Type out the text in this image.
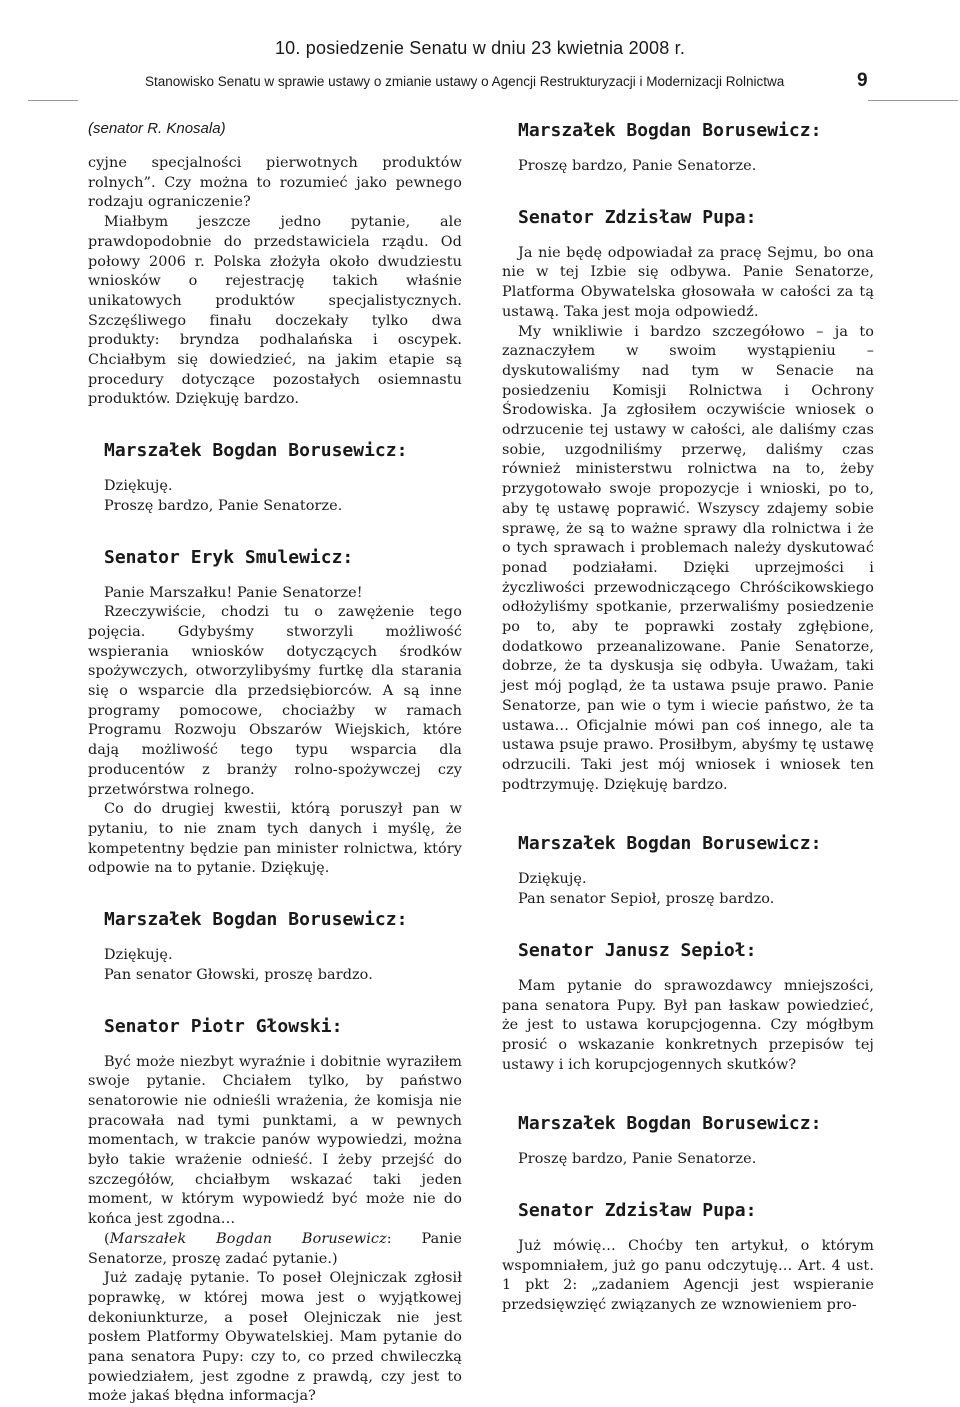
10. posiedzenie Senatu w dniu 23 kwietnia 2008 r.
Stanowisko Senatu w sprawie ustawy o zmianie ustawy o Agencji Restrukturyzacji i Modernizacji Rolnictwa	9
(senator R. Knosala)

cyjne specjalności pierwotnych produktów rolnych”. Czy można to rozumieć jako pewnego rodzaju ograniczenie?

Miałbym jeszcze jedno pytanie, ale prawdopodobnie do przedstawiciela rządu. Od połowy 2006 r. Polska złożyła około dwudziestu wniosków o rejestrację takich właśnie unikatowych produktów specjalistycznych. Szczęśliwego finału doczekały tylko dwa produkty: bryndza podhalańska i oscypek. Chciałbym się dowiedzieć, na jakim etapie są procedury dotyczące pozostałych osiemnastu produktów. Dziękuję bardzo.

Marszałek Bogdan Borusewicz:

Dziękuję.

Proszę bardzo, Panie Senatorze.

Senator Eryk Smulewicz:

Panie Marszałku! Panie Senatorze!

Rzeczywiście, chodzi tu o zawężenie tego pojęcia. Gdybyśmy stworzyli możliwość wspierania wniosków dotyczących środków spożywczych, otworzylibyśmy furtkę dla starania się o wsparcie dla przedsiębiorców. A są inne programy pomocowe, chociażby w ramach Programu Rozwoju Obszarów Wiejskich, które dają możliwość tego typu wsparcia dla producentów z branży rolno-spożywczej czy przetwórstwa rolnego.

Co do drugiej kwestii, którą poruszył pan w pytaniu, to nie znam tych danych i myślę, że kompetentny będzie pan minister rolnictwa, który odpowie na to pytanie. Dziękuję.

Marszałek Bogdan Borusewicz:

Dziękuję.

Pan senator Głowski, proszę bardzo.

Senator Piotr Głowski:

Być może niezbyt wyraźnie i dobitnie wyraziłem swoje pytanie. Chciałem tylko, by państwo senatorowie nie odnieśli wrażenia, że komisja nie pracowała nad tymi punktami, a w pewnych momentach, w trakcie panów wypowiedzi, można było takie wrażenie odnieść. I żeby przejść do szczegółów, chciałbym wskazać taki jeden moment, w którym wypowiedź być może nie do końca jest zgodna…

(Marszałek Bogdan Borusewicz: Panie Senatorze, proszę zadać pytanie.)

Już zadaję pytanie. To poseł Olejniczak zgłosił poprawkę, w której mowa jest o wyjątkowej dekoniunkturze, a poseł Olejniczak nie jest posłem Platformy Obywatelskiej. Mam pytanie do pana senatora Pupy: czy to, co przed chwileczką powiedziałem, jest zgodne z prawdą, czy jest to może jakaś błędna informacja?

Marszałek Bogdan Borusewicz:

Proszę bardzo, Panie Senatorze.

Senator Zdzisław Pupa:

Ja nie będę odpowiadał za pracę Sejmu, bo ona nie w tej Izbie się odbywa. Panie Senatorze, Platforma Obywatelska głosowała w całości za tą ustawą. Taka jest moja odpowiedź.

My wnikliwie i bardzo szczegółowo – ja to zaznaczyłem w swoim wystąpieniu – dyskutowaliśmy nad tym w Senacie na posiedzeniu Komisji Rolnictwa i Ochrony Środowiska. Ja zgłosiłem oczywiście wniosek o odrzucenie tej ustawy w całości, ale daliśmy czas sobie, uzgodniliśmy przerwę, daliśmy czas również ministerstwu rolnictwa na to, żeby przygotowało swoje propozycje i wnioski, po to, aby tę ustawę poprawić. Wszyscy zdajemy sobie sprawę, że są to ważne sprawy dla rolnictwa i że o tych sprawach i problemach należy dyskutować ponad podziałami. Dzięki uprzejmości i życzliwości przewodniczącego Chróścikowskiego odłożyliśmy spotkanie, przerwaliśmy posiedzenie po to, aby te poprawki zostały zgłębione, dodatkowo przeanalizowane. Panie Senatorze, dobrze, że ta dyskusja się odbyła. Uważam, taki jest mój pogląd, że ta ustawa psuje prawo. Panie Senatorze, pan wie o tym i wiecie państwo, że ta ustawa… Oficjalnie mówi pan coś innego, ale ta ustawa psuje prawo. Prosiłbym, abyśmy tę ustawę odrzucili. Taki jest mój wniosek i wniosek ten podtrzymuję. Dziękuję bardzo.

Marszałek Bogdan Borusewicz:

Dziękuję.

Pan senator Sepioł, proszę bardzo.

Senator Janusz Sepioł:

Mam pytanie do sprawozdawcy mniejszości, pana senatora Pupy. Był pan łaskaw powiedzieć, że jest to ustawa korupcjogenna. Czy mógłbym prosić o wskazanie konkretnych przepisów tej ustawy i ich korupcjogennych skutków?

Marszałek Bogdan Borusewicz:

Proszę bardzo, Panie Senatorze.

Senator Zdzisław Pupa:

Już mówię… Choćby ten artykuł, o którym wspomniałem, już go panu odczytuję… Art. 4 ust. 1 pkt 2: „zadaniem Agencji jest wspieranie przedsięwzięć związanych ze wznowieniem pro-
